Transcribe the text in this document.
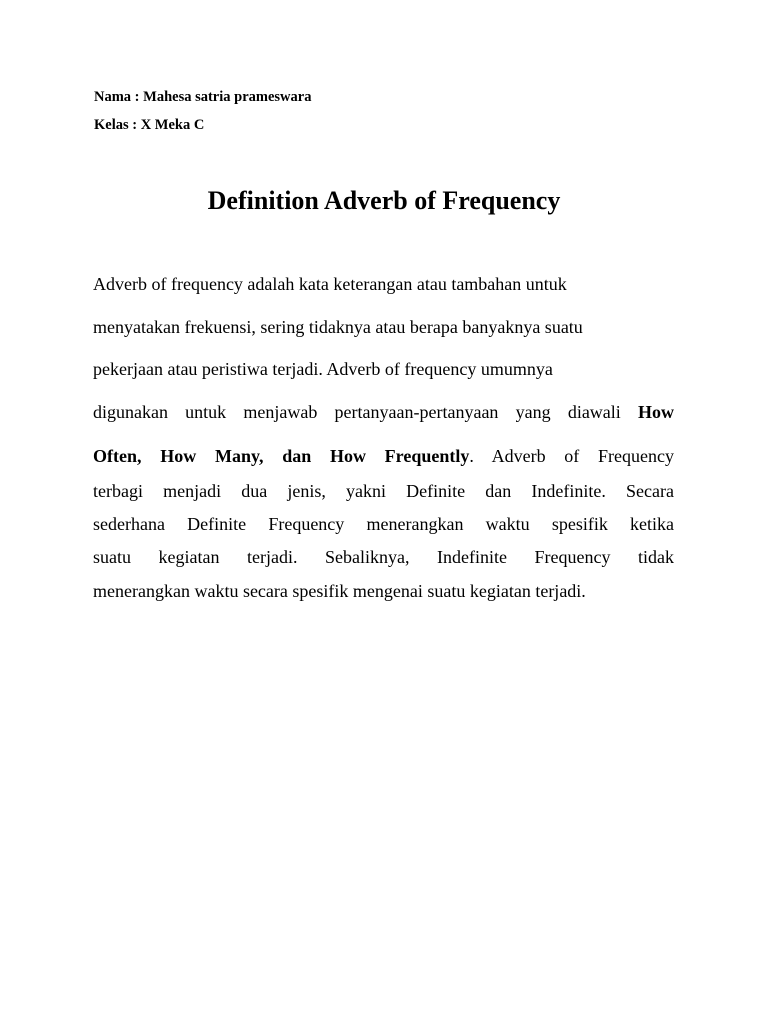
Nama : Mahesa satria prameswara
Kelas : X Meka C
Definition Adverb of Frequency
Adverb of frequency adalah kata keterangan atau tambahan untuk
menyatakan frekuensi, sering tidaknya atau berapa banyaknya suatu
pekerjaan atau peristiwa terjadi. Adverb of frequency umumnya
digunakan untuk menjawab pertanyaan-pertanyaan yang diawali How
Often, How Many, dan How Frequently. Adverb of Frequency
terbagi menjadi dua jenis, yakni Definite dan Indefinite. Secara
sederhana Definite Frequency menerangkan waktu spesifik ketika
suatu kegiatan terjadi. Sebaliknya, Indefinite Frequency tidak
menerangkan waktu secara spesifik mengenai suatu kegiatan terjadi.
